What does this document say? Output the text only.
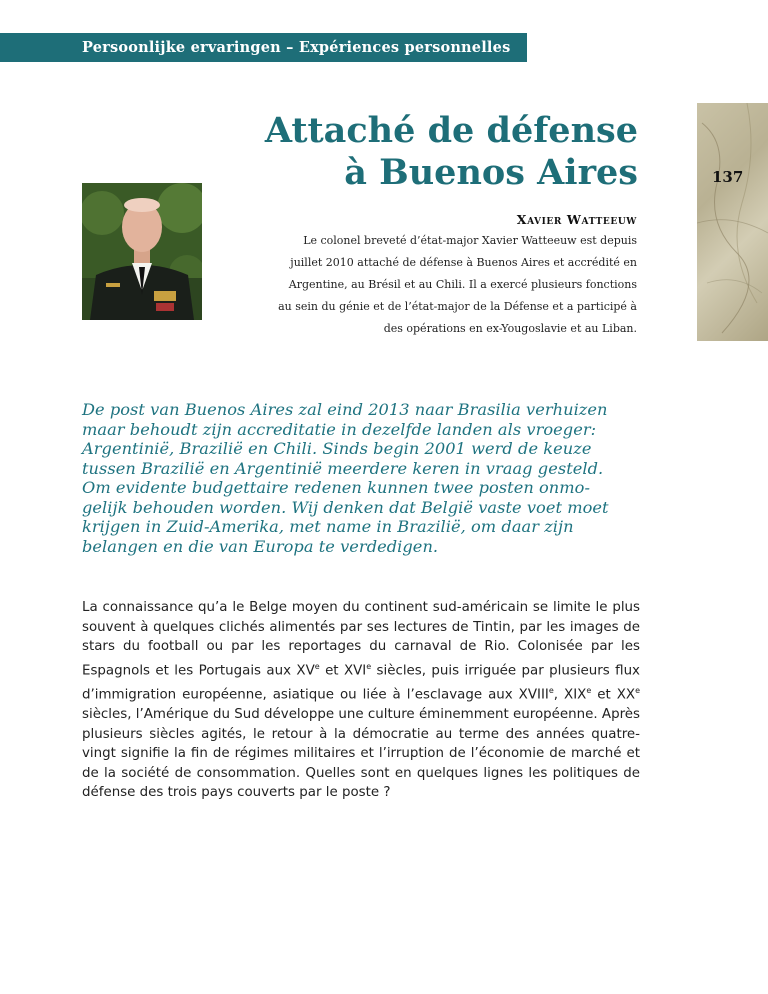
Persoonlijke ervaringen – Expériences personnelles
137
Attaché de défense
à Buenos Aires
Xavier Watteeuw
Le colonel breveté d’état-major Xavier Watteeuw est depuis
juillet 2010 attaché de défense à Buenos Aires et accrédité en
Argentine, au Brésil et au Chili. Il a exercé plusieurs fonctions
au sein du génie et de l’état-major de la Défense et a participé à
des opérations en ex-Yougoslavie et au Liban.
De post van Buenos Aires zal eind 2013 naar Brasilia verhuizen
maar behoudt zijn accreditatie in dezelfde landen als vroeger:
Argentinië, Brazilië en Chili. Sinds begin 2001 werd de keuze
tussen Brazilië en Argentinië meerdere keren in vraag gesteld.
Om evidente budgettaire redenen kunnen twee posten onmo-
gelijk behouden worden. Wij denken dat België vaste voet moet
krijgen in Zuid-Amerika, met name in Brazilië, om daar zijn
belangen en die van Europa te verdedigen.
La connaissance qu’a le Belge moyen du continent sud-américain se limite le plus souvent à quelques clichés alimentés par ses lectures de Tintin, par les images de stars du football ou par les reportages du carnaval de Rio. Colonisée par les Espagnols et les Portugais aux XVe et XVIe siècles, puis irriguée par plusieurs flux d’immigration européenne, asiatique ou liée à l’esclavage aux XVIIIe, XIXe et XXe siècles, l’Amérique du Sud développe une culture éminemment européenne. Après plusieurs siècles agités, le retour à la démocratie au terme des années quatre-vingt signifie la fin de régimes militaires et l’irruption de l’économie de marché et de la société de consommation. Quelles sont en quelques lignes les politiques de défense des trois pays couverts par le poste ?
